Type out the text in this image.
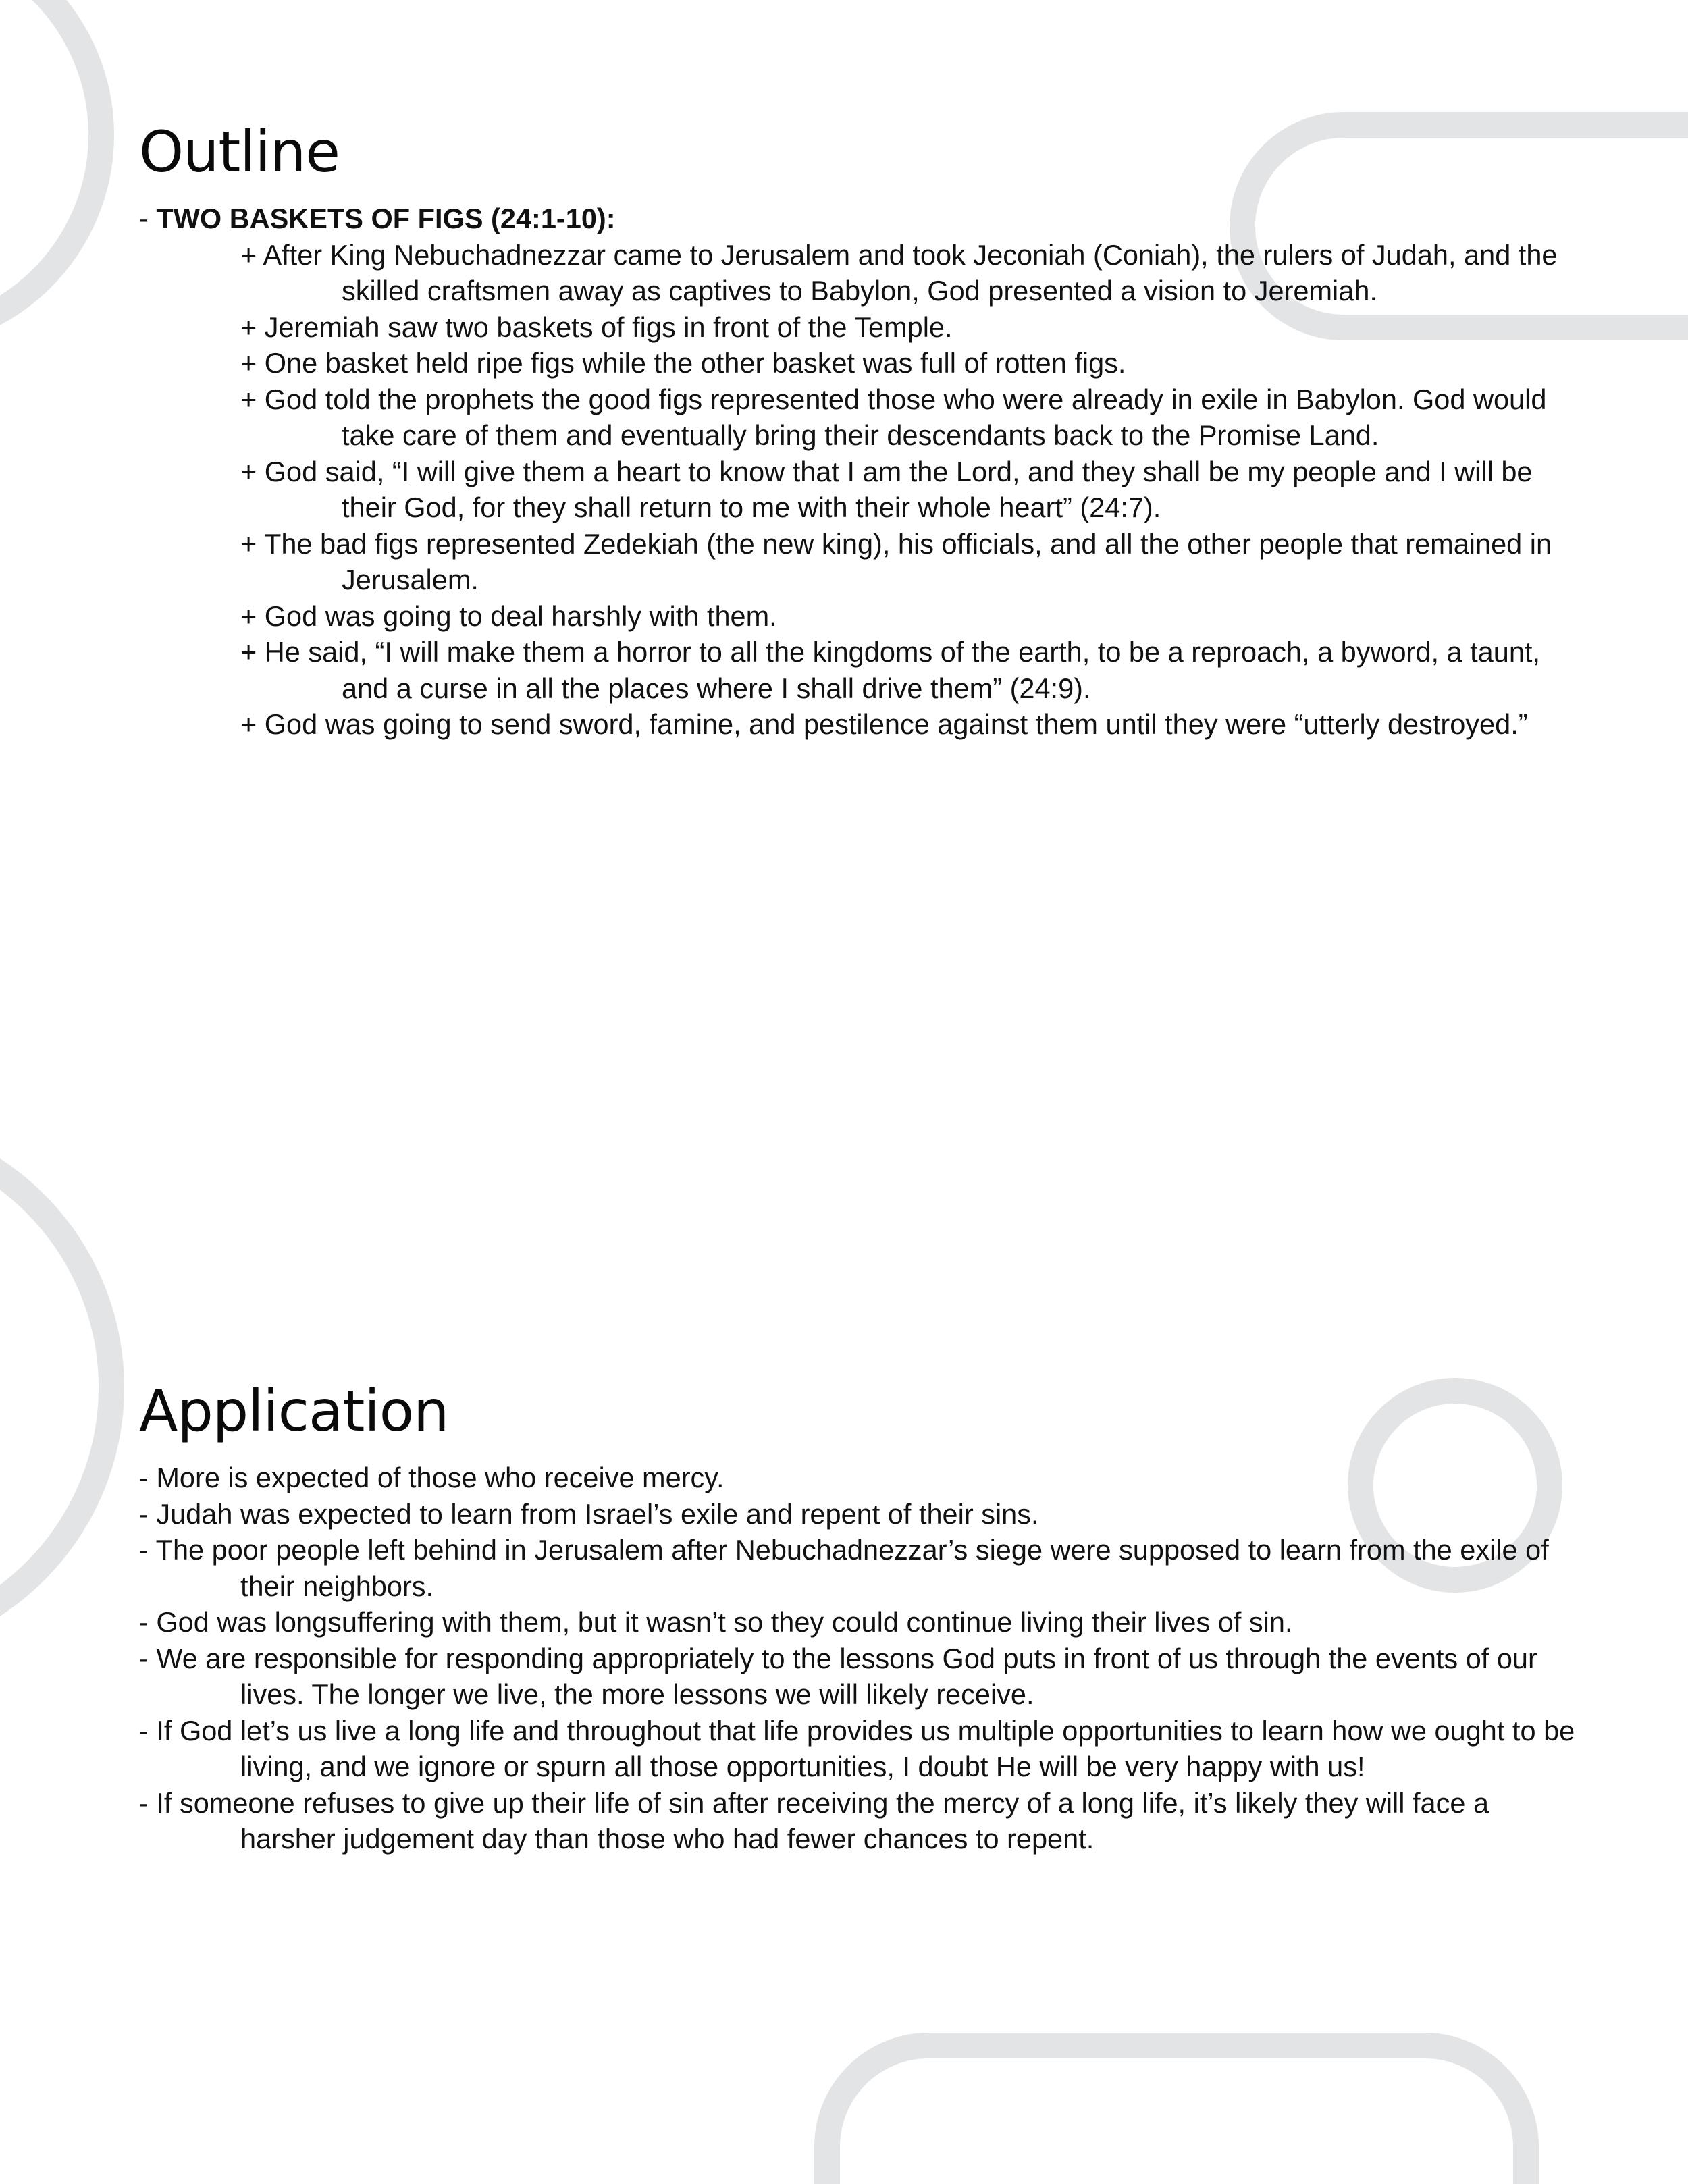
Outline

- TWO BASKETS OF FIGS (24:1-10):

+ After King Nebuchadnezzar came to Jerusalem and took Jeconiah (Coniah), the rulers of Judah, and the skilled craftsmen away as captives to Babylon, God presented a vision to Jeremiah.

+ Jeremiah saw two baskets of figs in front of the Temple.

+ One basket held ripe figs while the other basket was full of rotten figs.

+ God told the prophets the good figs represented those who were already in exile in Babylon. God would take care of them and eventually bring their descendants back to the Promise Land.

+ God said, “I will give them a heart to know that I am the Lord, and they shall be my people and I will be their God, for they shall return to me with their whole heart” (24:7).

+ The bad figs represented Zedekiah (the new king), his officials, and all the other people that remained in Jerusalem.

+ God was going to deal harshly with them.

+ He said, “I will make them a horror to all the kingdoms of the earth, to be a reproach, a byword, a taunt, and a curse in all the places where I shall drive them” (24:9).

+ God was going to send sword, famine, and pestilence against them until they were “utterly destroyed.”

Application

- More is expected of those who receive mercy.

- Judah was expected to learn from Israel’s exile and repent of their sins.

- The poor people left behind in Jerusalem after Nebuchadnezzar’s siege were supposed to learn from the exile of their neighbors.

- God was longsuffering with them, but it wasn’t so they could continue living their lives of sin.

- We are responsible for responding appropriately to the lessons God puts in front of us through the events of our lives. The longer we live, the more lessons we will likely receive.

- If God let’s us live a long life and throughout that life provides us multiple opportunities to learn how we ought to be living, and we ignore or spurn all those opportunities, I doubt He will be very happy with us!

- If someone refuses to give up their life of sin after receiving the mercy of a long life, it’s likely they will face a harsher judgement day than those who had fewer chances to repent.
